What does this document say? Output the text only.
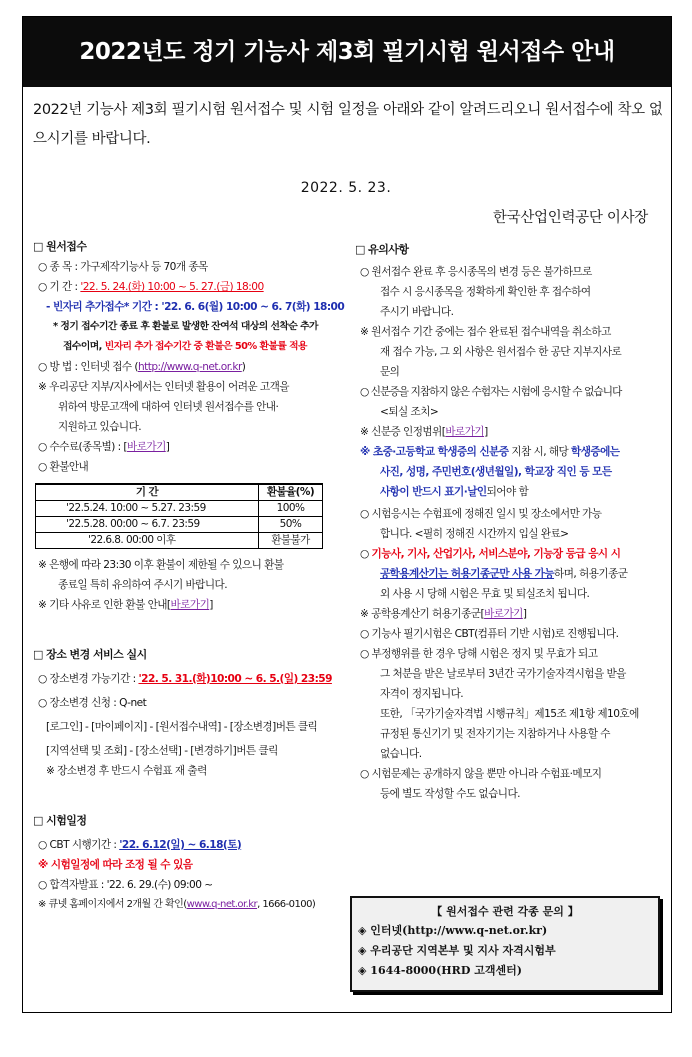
2022년도 정기 기능사 제3회 필기시험 원서접수 안내
2022년 기능사 제3회 필기시험 원서접수 및 시험 일정을 아래와 같이 알려드리오니 원서접수에 착오 없으시기를 바랍니다.
2022. 5. 23.
한국산업인력공단 이사장
□ 원서접수
○ 종 목 : 가구제작기능사 등 70개 종목
○ 기 간 : '22. 5. 24.(화) 10:00 ~ 5. 27.(금) 18:00
- 빈자리 추가접수* 기간 : '22. 6. 6(월) 10:00 ~ 6. 7(화) 18:00
* 정기 접수기간 종료 후 환불로 발생한 잔여석 대상의 선착순 추가
접수이며, 빈자리 추가 접수기간 중 환불은 50% 환불률 적용
○ 방 법 : 인터넷 접수 (http://www.q-net.or.kr)
※ 우리공단 지부/지사에서는 인터넷 활용이 어려운 고객을
위하여 방문고객에 대하여 인터넷 원서접수를 안내·
지원하고 있습니다.
○ 수수료(종목별) : [바로가기]
○ 환불안내
기 간	환불율(%)
'22.5.24. 10:00 ~ 5.27. 23:59	100%
'22.5.28. 00:00 ~ 6.7. 23:59	50%
'22.6.8. 00:00 이후	환불불가
※ 은행에 따라 23:30 이후 환불이 제한될 수 있으니 환불
종료일 특히 유의하여 주시기 바랍니다.
※ 기타 사유로 인한 환불 안내[바로가기]
□ 장소 변경 서비스 실시
○ 장소변경 가능기간 : '22. 5. 31.(화)10:00 ~ 6. 5.(일) 23:59
○ 장소변경 신청 : Q-net
[로그인] - [마이페이지] - [원서접수내역] - [장소변경]버튼 클릭
[지역선택 및 조회] - [장소선택] - [변경하기]버튼 클릭
※ 장소변경 후 반드시 수험표 재 출력
□ 시험일정
○ CBT 시행기간 : '22. 6.12(일) ~ 6.18(토)
※ 시험일정에 따라 조정 될 수 있음
○ 합격자발표 : '22. 6. 29.(수) 09:00 ~
※ 큐넷 홈페이지에서 2개월 간 확인(www.q-net.or.kr, 1666-0100)
□ 유의사항
○ 원서접수 완료 후 응시종목의 변경 등은 불가하므로
접수 시 응시종목을 정확하게 확인한 후 접수하여
주시기 바랍니다.
※ 원서접수 기간 중에는 접수 완료된 접수내역을 취소하고
재 접수 가능, 그 외 사항은 원서접수 한 공단 지부지사로
문의
○ 신분증을 지참하지 않은 수험자는 시험에 응시할 수 없습니다
<퇴실 조치>
※ 신분증 인정범위[바로가기]
※ 초중·고등학교 학생증의 신분증 지참 시, 해당 학생증에는
사진, 성명, 주민번호(생년월일), 학교장 직인 등 모든
사항이 반드시 표기·날인되어야 함
○ 시험응시는 수험표에 정해진 일시 및 장소에서만 가능
합니다. <필히 정해진 시간까지 입실 완료>
○ 기능사, 기사, 산업기사, 서비스분야, 기능장 등급 응시 시
공학용계산기는 허용기종군만 사용 가능하며, 허용기종군
외 사용 시 당해 시험은 무효 및 퇴실조치 됩니다.
※ 공학용계산기 허용기종군[바로가기]
○ 기능사 필기시험은 CBT(컴퓨터 기반 시험)로 진행됩니다.
○ 부정행위를 한 경우 당해 시험은 정지 및 무효가 되고
그 처분을 받은 날로부터 3년간 국가기술자격시험을 받을
자격이 정지됩니다.
또한, 「국가기술자격법 시행규칙」제15조 제1항 제10호에
규정된 통신기기 및 전자기기는 지참하거나 사용할 수
없습니다.
○ 시험문제는 공개하지 않을 뿐만 아니라 수험표·메모지
등에 별도 작성할 수도 없습니다.
【 원서접수 관련 각종 문의 】
◈ 인터넷(http://www.q-net.or.kr)
◈ 우리공단 지역본부 및 지사 자격시험부
◈ 1644-8000(HRD 고객센터)
